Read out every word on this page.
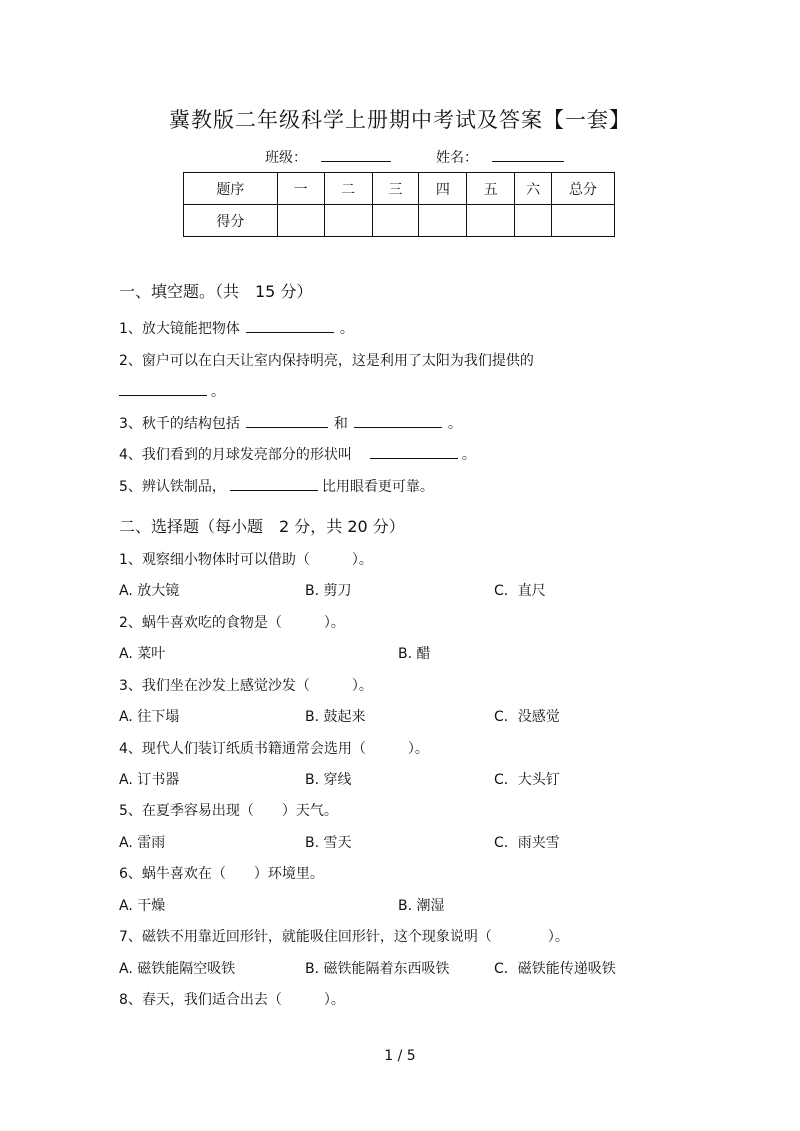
冀教版二年级科学上册期中考试及答案【一套】
班级：	姓名：
题序	一	二	三	四	五	六	总分
得分							
一、填空题。（共　15 分）
1、放大镜能把物体	。
2、窗户可以在白天让室内保持明亮，这是利用了太阳为我们提供的
。
3、秋千的结构包括	和	。
4、我们看到的月球发亮部分的形状叫	。
5、辨认铁制品，	比用眼看更可靠。
二、选择题（每小题　2 分，共 20 分）
1、观察细小物体时可以借助（　　　）。
A. 放大镜	B. 剪刀	C．直尺
2、蜗牛喜欢吃的食物是（　　　）。
A. 菜叶	B. 醋
3、我们坐在沙发上感觉沙发（　　　）。
A. 往下塌	B. 鼓起来	C．没感觉
4、现代人们装订纸质书籍通常会选用（　　　）。
A. 订书器	B. 穿线	C．大头钉
5、在夏季容易出现（　　）天气。
A. 雷雨	B. 雪天	C．雨夹雪
6、蜗牛喜欢在（　　）环境里。
A. 干燥	B. 潮湿
7、磁铁不用靠近回形针，就能吸住回形针，这个现象说明（　　　　）。
A. 磁铁能隔空吸铁	B. 磁铁能隔着东西吸铁	C．磁铁能传递吸铁
8、春天，我们适合出去（　　　）。
1 / 5
